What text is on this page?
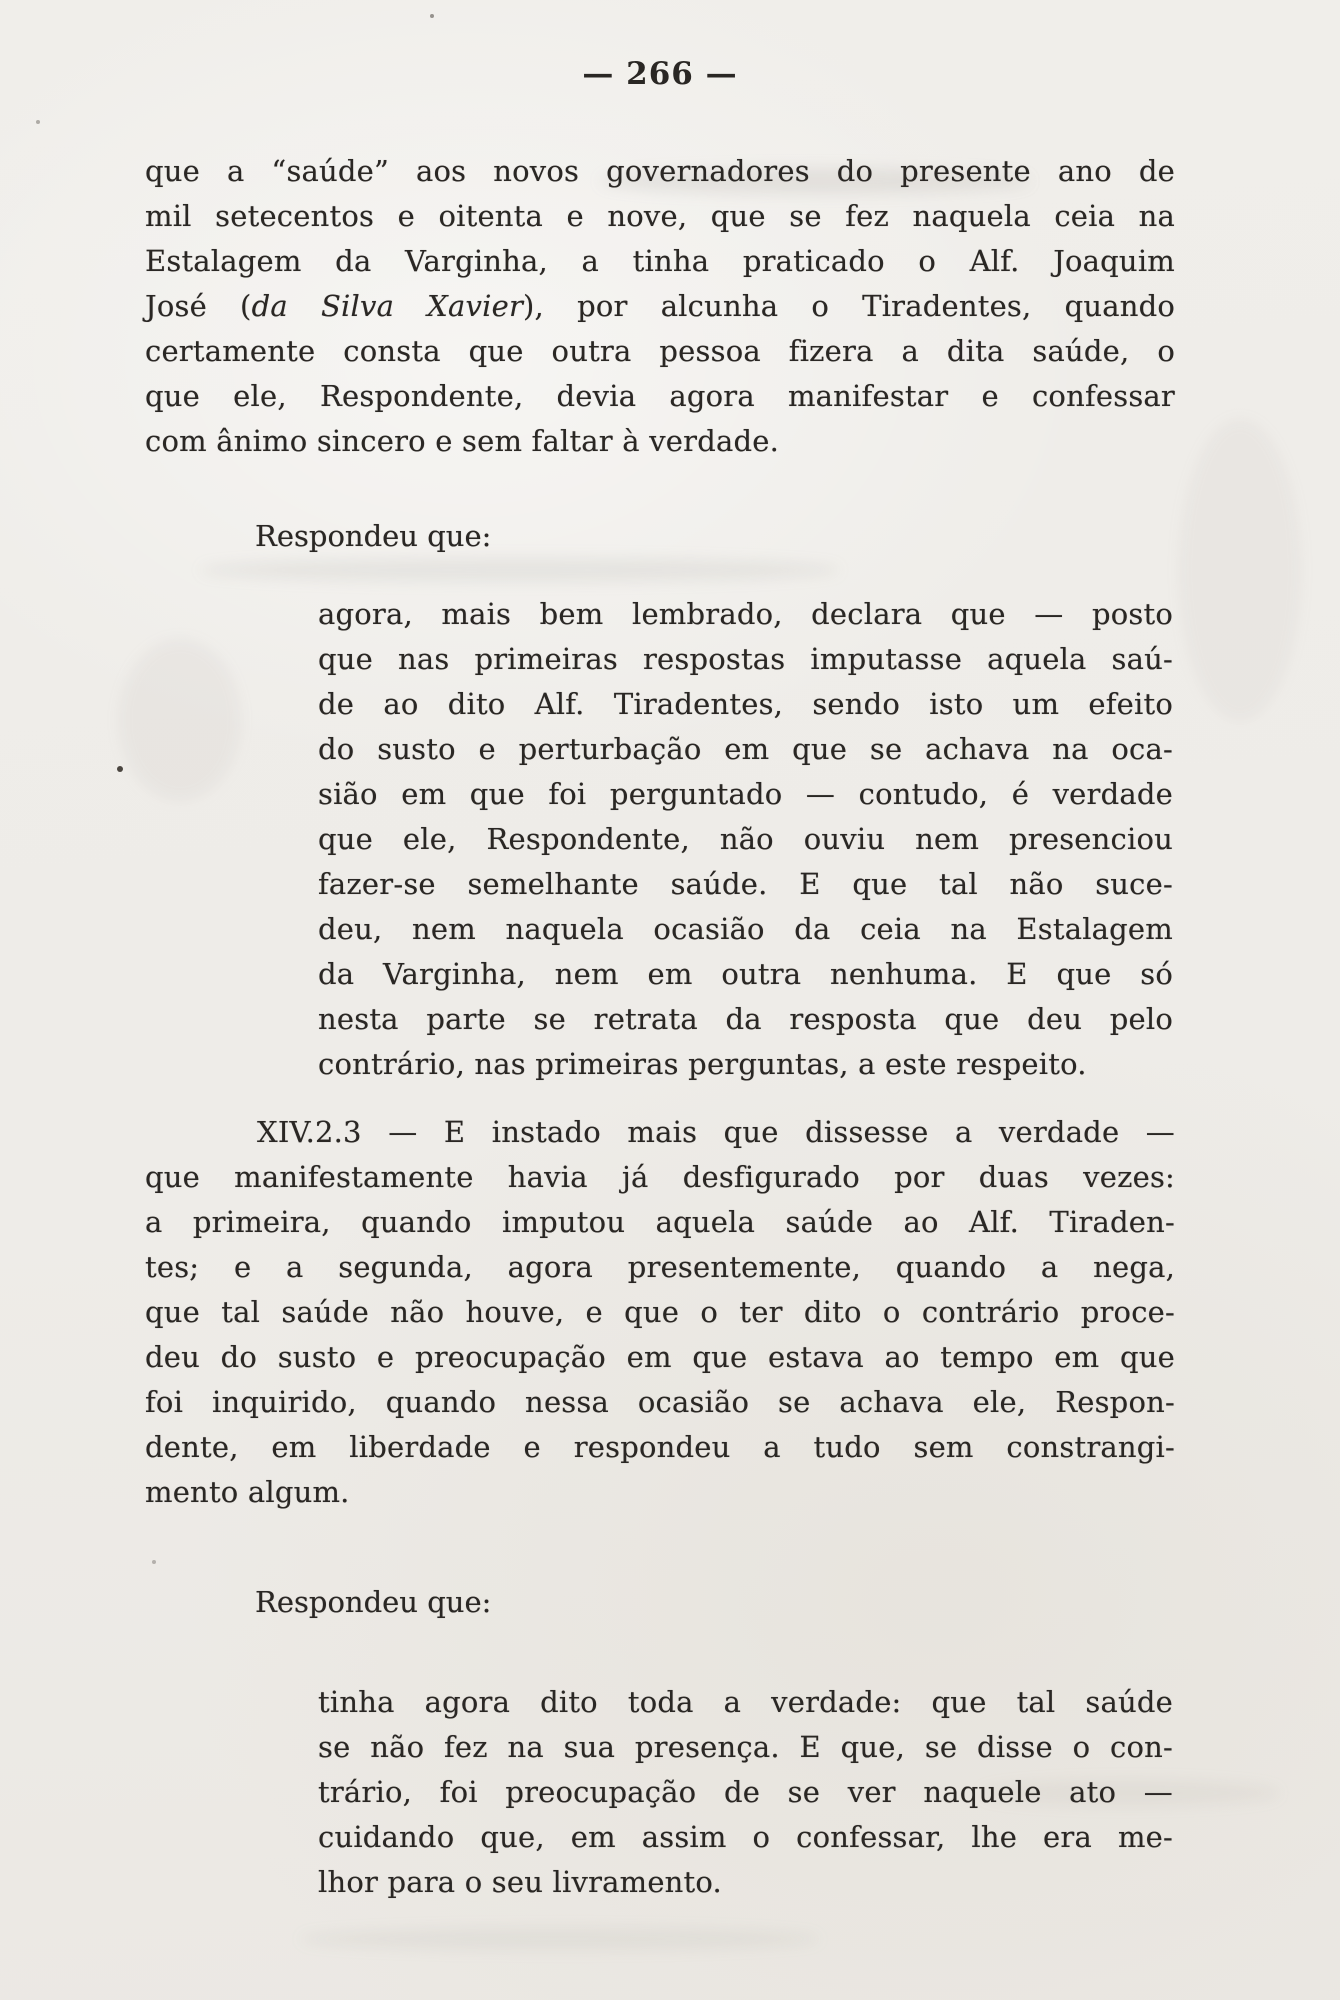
— 266 —
que a “saúde” aos novos governadores do presente ano de
mil setecentos e oitenta e nove, que se fez naquela ceia na
Estalagem da Varginha, a tinha praticado o Alf. Joaquim
José (da Silva Xavier), por alcunha o Tiradentes, quando
certamente consta que outra pessoa fizera a dita saúde, o
que ele, Respondente, devia agora manifestar e confessar
com ânimo sincero e sem faltar à verdade.
Respondeu que:
agora, mais bem lembrado, declara que — posto
que nas primeiras respostas imputasse aquela saú-
de ao dito Alf. Tiradentes, sendo isto um efeito
do susto e perturbação em que se achava na oca-
sião em que foi perguntado — contudo, é verdade
que ele, Respondente, não ouviu nem presenciou
fazer-se semelhante saúde. E que tal não suce-
deu, nem naquela ocasião da ceia na Estalagem
da Varginha, nem em outra nenhuma. E que só
nesta parte se retrata da resposta que deu pelo
contrário, nas primeiras perguntas, a este respeito.
XIV.2.3 — E instado mais que dissesse a verdade —
que manifestamente havia já desfigurado por duas vezes:
a primeira, quando imputou aquela saúde ao Alf. Tiraden-
tes; e a segunda, agora presentemente, quando a nega,
que tal saúde não houve, e que o ter dito o contrário proce-
deu do susto e preocupação em que estava ao tempo em que
foi inquirido, quando nessa ocasião se achava ele, Respon-
dente, em liberdade e respondeu a tudo sem constrangi-
mento algum.
Respondeu que:
tinha agora dito toda a verdade: que tal saúde
se não fez na sua presença. E que, se disse o con-
trário, foi preocupação de se ver naquele ato —
cuidando que, em assim o confessar, lhe era me-
lhor para o seu livramento.
